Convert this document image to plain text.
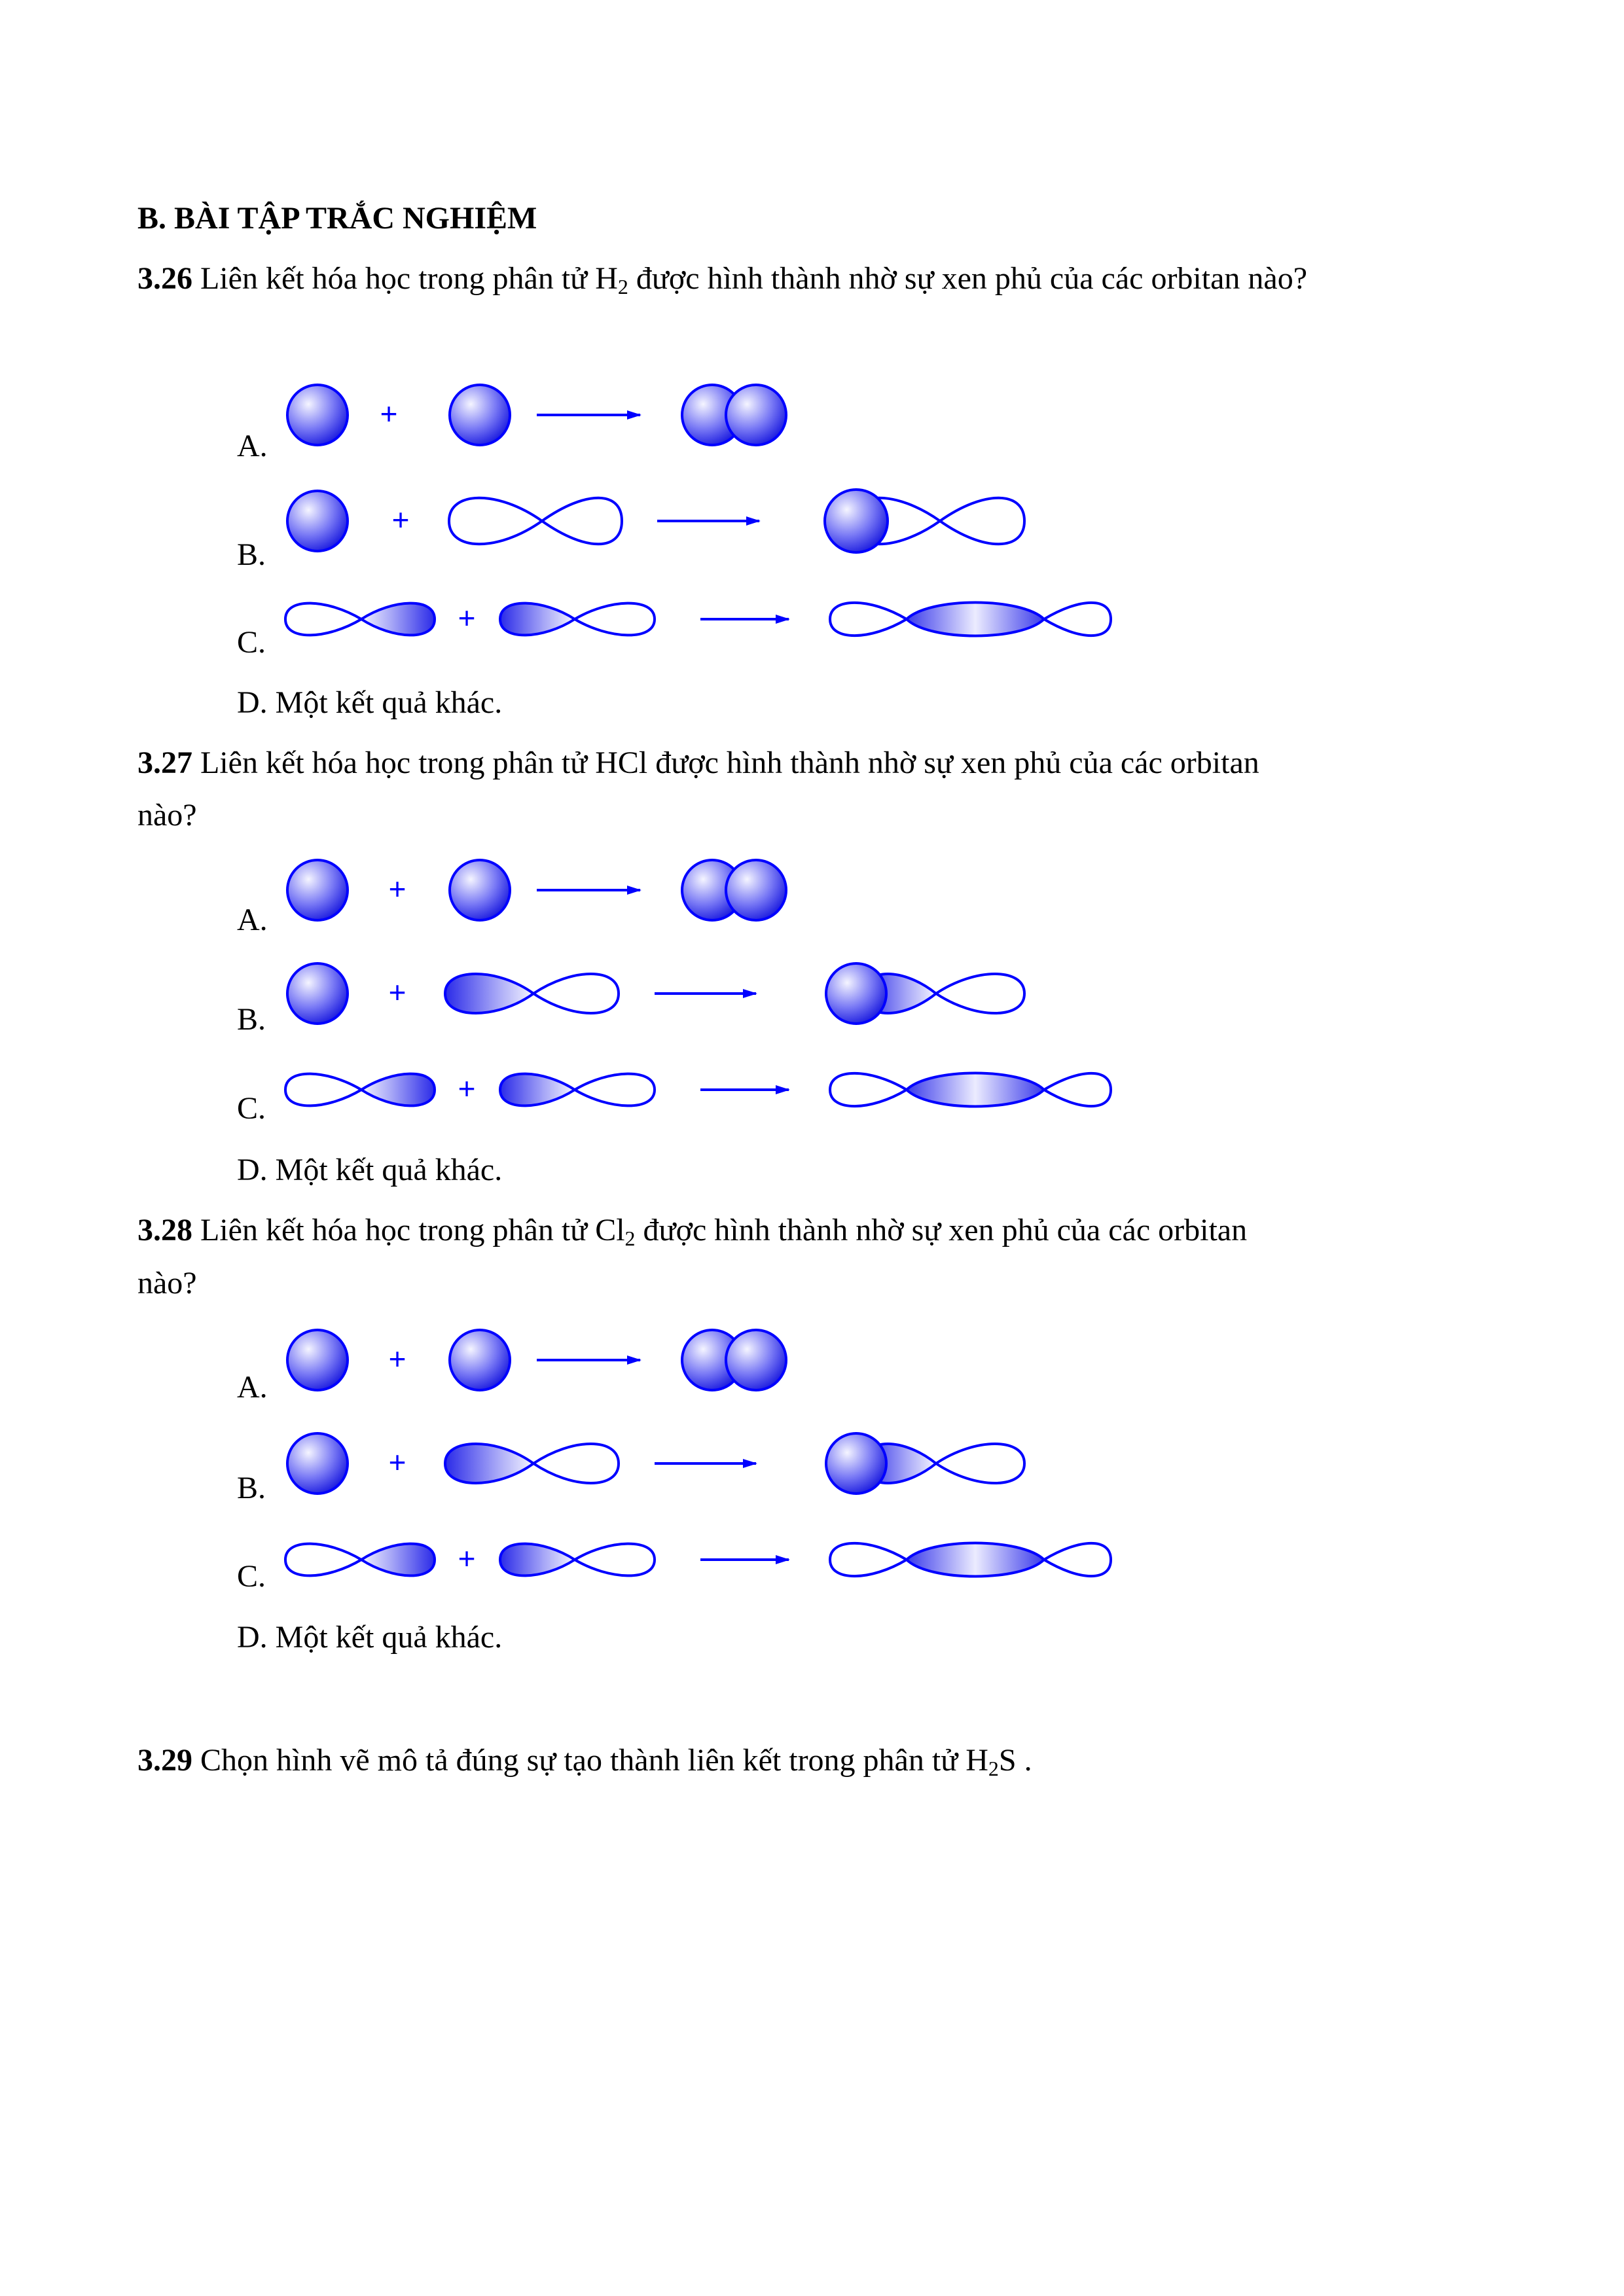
+
+
+
+
+
+
+
+
+
B. BÀI TẬP TRẮC NGHIỆM
3.26 Liên kết hóa học trong phân tử $H_2$ được hình thành nhờ sự xen phủ của các orbitan nào?
A.
B.
C.
D. Một kết quả khác.
3.27 Liên kết hóa học trong phân tử HCl được hình thành nhờ sự xen phủ của các orbitan
nào?
A.
B.
C.
D. Một kết quả khác.
3.28 Liên kết hóa học trong phân tử $Cl_2$ được hình thành nhờ sự xen phủ của các orbitan
nào?
A.
B.
C.
D. Một kết quả khác.
3.29 Chọn hình vẽ mô tả đúng sự tạo thành liên kết trong phân tử $H_2S$ .
